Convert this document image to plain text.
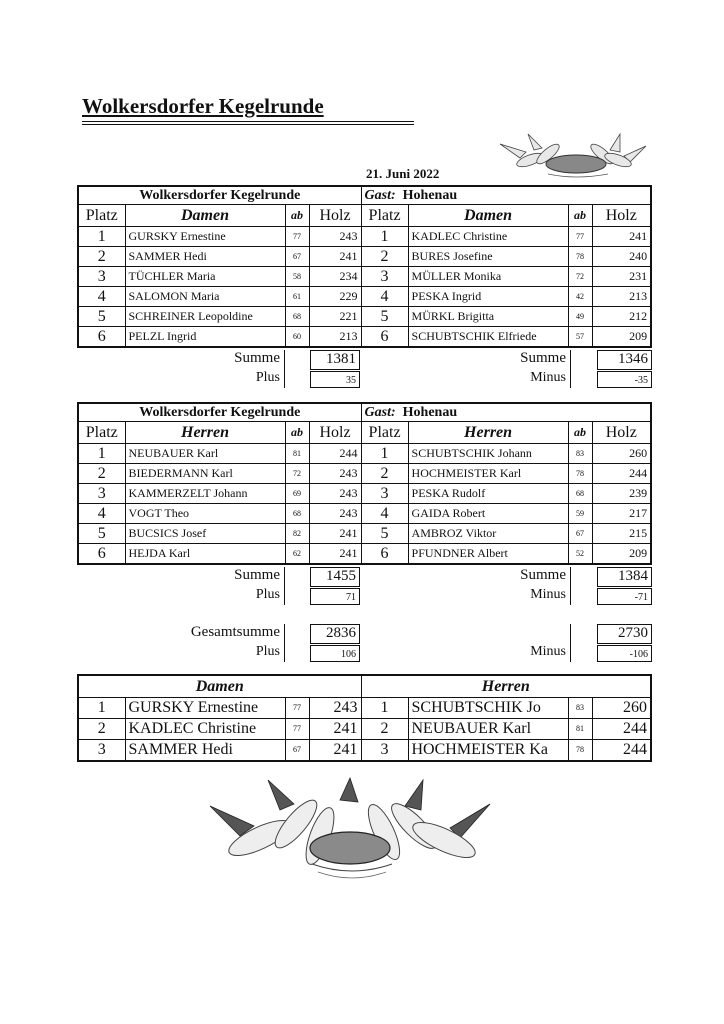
Wolkersdorfer Kegelrunde
21. Juni 2022
Wolkersdorfer Kegelrunde				Gast: Hohenau			
Platz	Damen	ab	Holz	Platz	Damen	ab	Holz
1	GURSKY Ernestine	77	243	1	KADLEC Christine	77	241
2	SAMMER Hedi	67	241	2	BURES Josefine	78	240
3	TÜCHLER Maria	58	234	3	MÜLLER Monika	72	231
4	SALOMON Maria	61	229	4	PESKA Ingrid	42	213
5	SCHREINER Leopoldine	68	221	5	MÜRKL Brigitta	49	212
6	PELZL Ingrid	60	213	6	SCHUBTSCHIK Elfriede	57	209
Summe	1381
Plus	35
Summe	1346
Minus	-35
Wolkersdorfer Kegelrunde				Gast: Hohenau			
Platz	Herren	ab	Holz	Platz	Herren	ab	Holz
1	NEUBAUER Karl	81	244	1	SCHUBTSCHIK Johann	83	260
2	BIEDERMANN Karl	72	243	2	HOCHMEISTER Karl	78	244
3	KAMMERZELT Johann	69	243	3	PESKA Rudolf	68	239
4	VOGT Theo	68	243	4	GAIDA Robert	59	217
5	BUCSICS Josef	82	241	5	AMBROZ Viktor	67	215
6	HEJDA Karl	62	241	6	PFUNDNER Albert	52	209
Summe	1455
Plus	71
Summe	1384
Minus	-71
Gesamtsumme	2836
Plus	106
2730
Minus	-106
Damen				Herren			
1	GURSKY Ernestine	77	243	1	SCHUBTSCHIK Jo	83	260
2	KADLEC Christine	77	241	2	NEUBAUER Karl	81	244
3	SAMMER Hedi	67	241	3	HOCHMEISTER Ka	78	244
